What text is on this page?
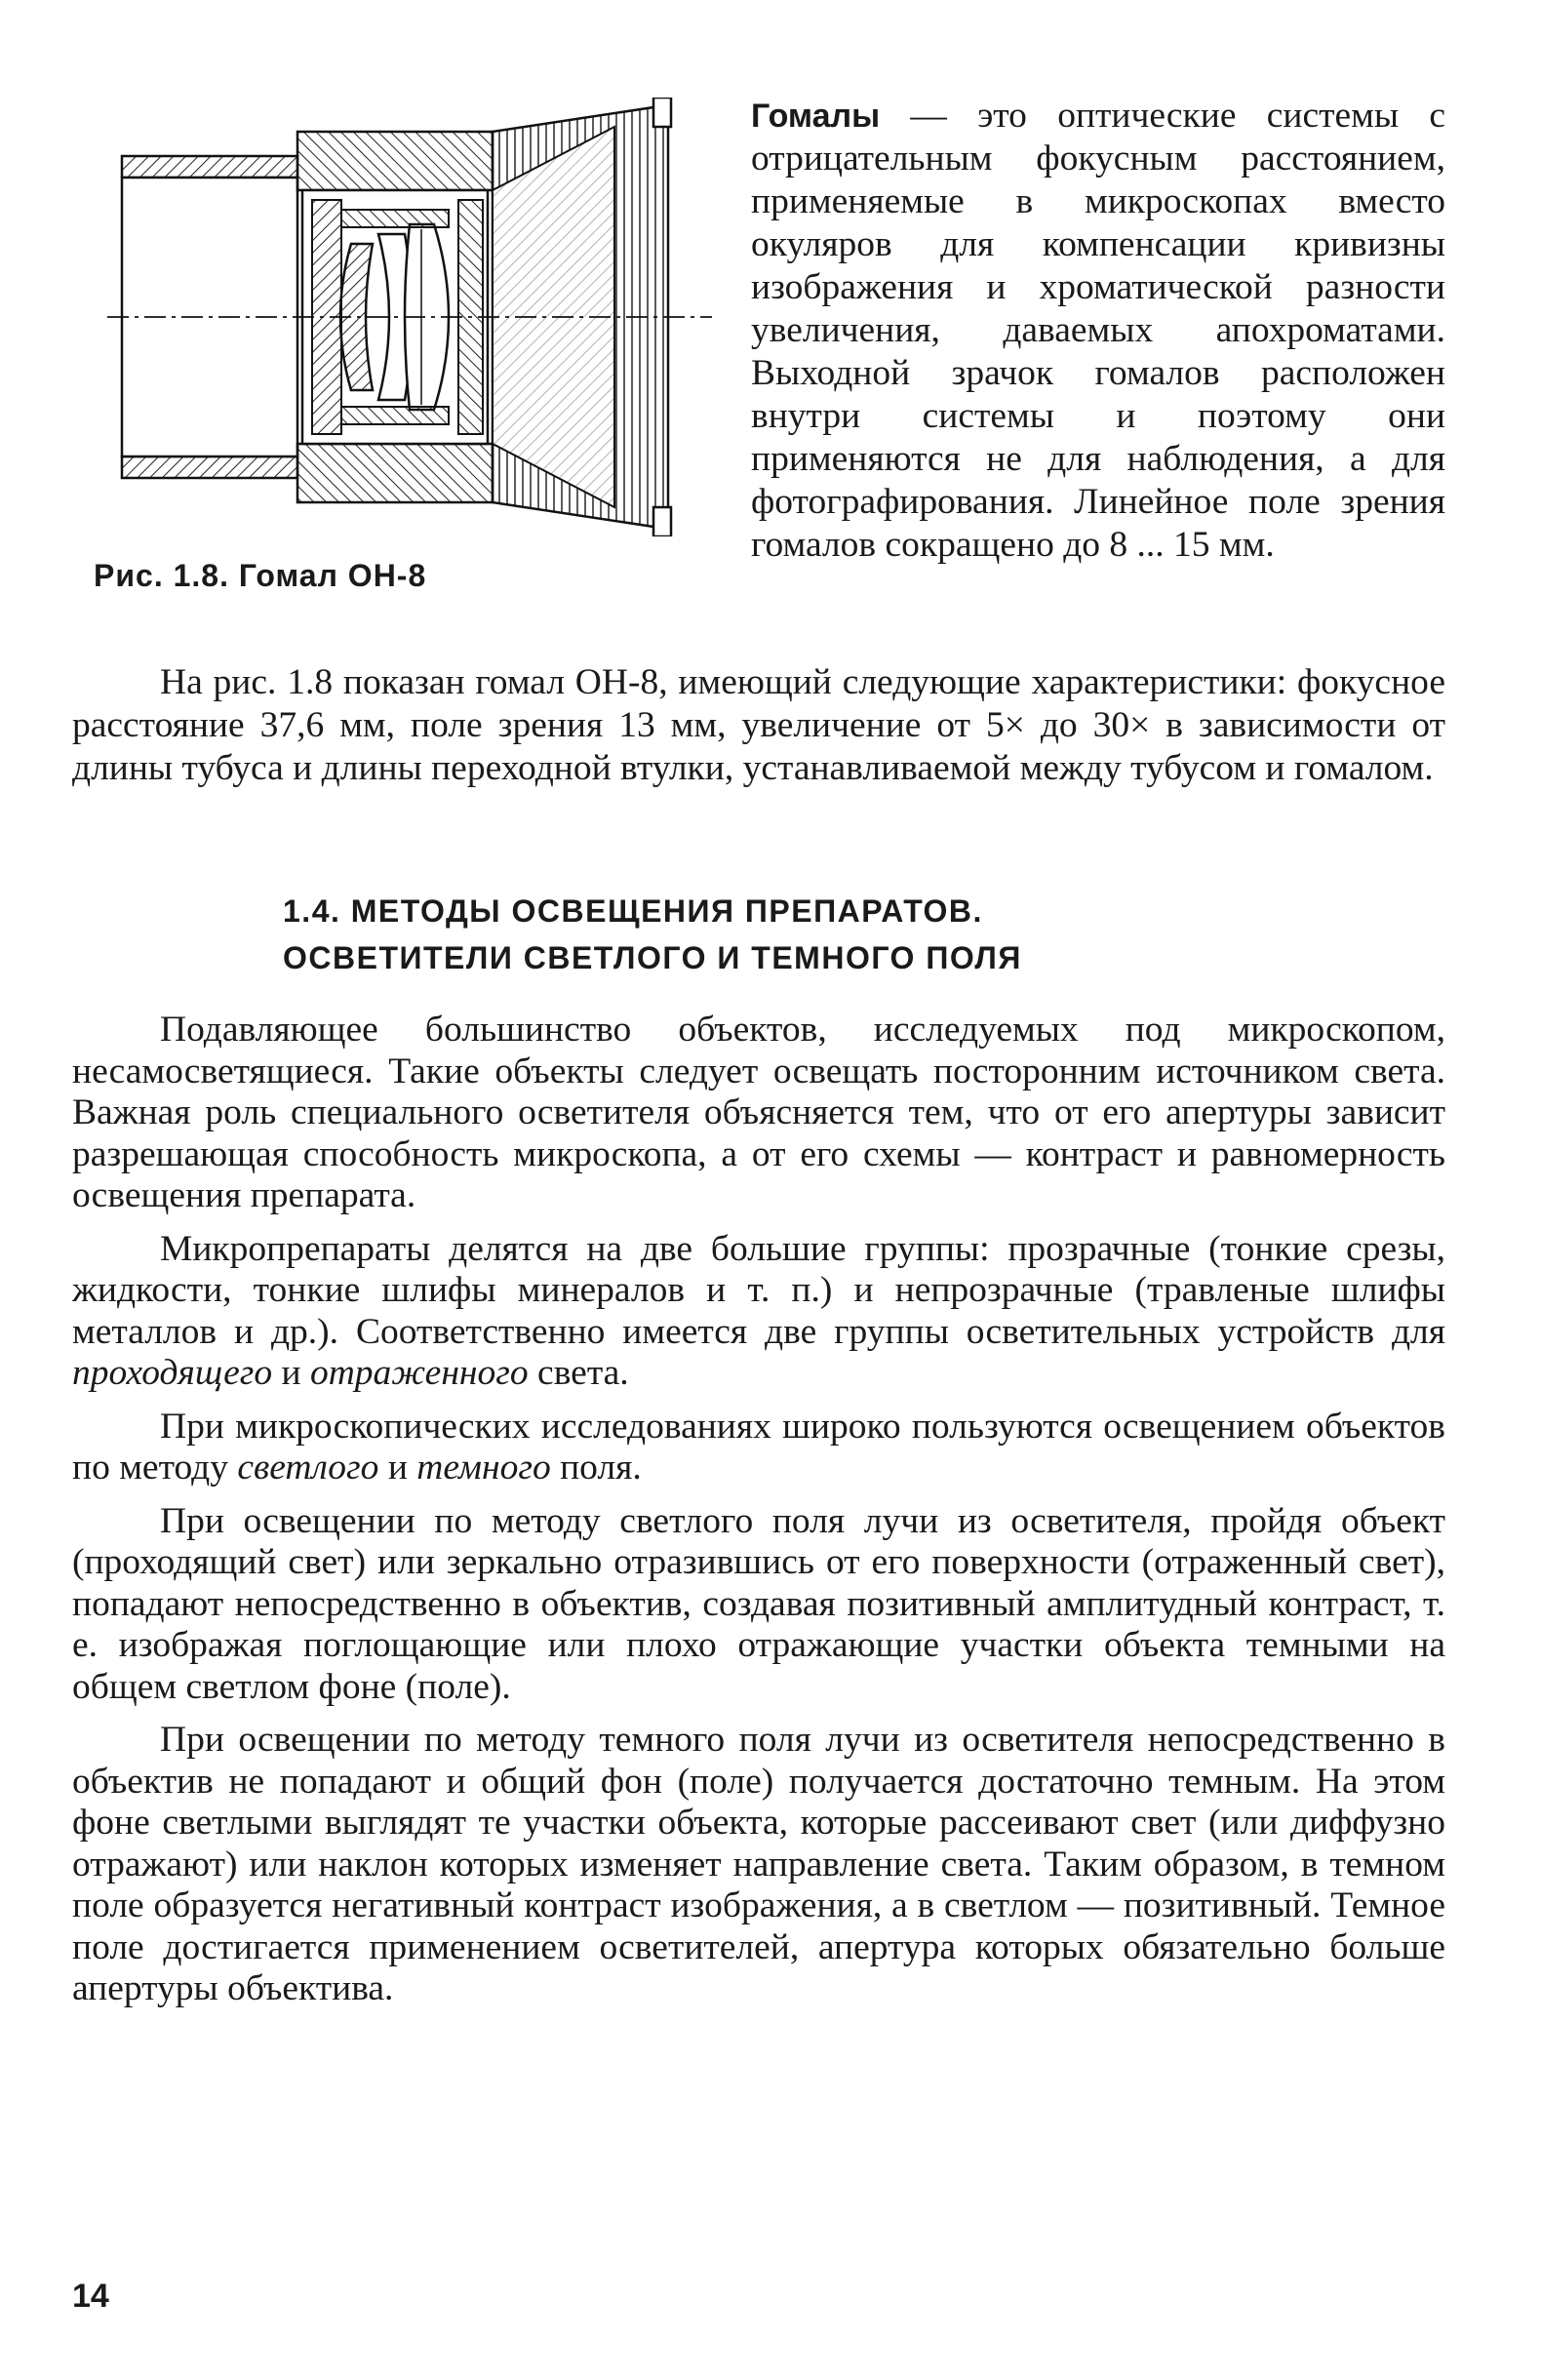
Рис. 1.8. Гомал ОН-8

Гомалы — это оптические системы с отрицательным фокусным расстоянием, применяемые в микроскопах вместо окуляров для компенсации кривизны изображения и хроматической разности увеличения, даваемых апохроматами. Выходной зрачок гомалов расположен внутри системы и поэтому они применяются не для наблюдения, а для фотографирования. Линейное поле зрения гомалов сокращено до 8 ... 15 мм.

На рис. 1.8 показан гомал ОН-8, имеющий следующие характеристики: фокусное расстояние 37,6 мм, поле зрения 13 мм, увеличение от 5× до 30× в зависимости от длины тубуса и длины переходной втулки, устанавливаемой между тубусом и гомалом.

1.4. МЕТОДЫ ОСВЕЩЕНИЯ ПРЕПАРАТОВ.
ОСВЕТИТЕЛИ СВЕТЛОГО И ТЕМНОГО ПОЛЯ

Подавляющее большинство объектов, исследуемых под микроскопом, несамосветящиеся. Такие объекты следует освещать посторонним источником света. Важная роль специального осветителя объясняется тем, что от его апертуры зависит разрешающая способность микроскопа, а от его схемы — контраст и равномерность освещения препарата.

Микропрепараты делятся на две большие группы: прозрачные (тонкие срезы, жидкости, тонкие шлифы минералов и т. п.) и непрозрачные (травленые шлифы металлов и др.). Соответственно имеется две группы осветительных устройств для проходящего и отраженного света.

При микроскопических исследованиях широко пользуются освещением объектов по методу светлого и темного поля.

При освещении по методу светлого поля лучи из осветителя, пройдя объект (проходящий свет) или зеркально отразившись от его поверхности (отраженный свет), попадают непосредственно в объектив, создавая позитивный амплитудный контраст, т. е. изображая поглощающие или плохо отражающие участки объекта темными на общем светлом фоне (поле).

При освещении по методу темного поля лучи из осветителя непосредственно в объектив не попадают и общий фон (поле) получается достаточно темным. На этом фоне светлыми выглядят те участки объекта, которые рассеивают свет (или диффузно отражают) или наклон которых изменяет направление света. Таким образом, в темном поле образуется негативный контраст изображения, а в светлом — позитивный. Темное поле достигается применением осветителей, апертура которых обязательно больше апертуры объектива.

14
